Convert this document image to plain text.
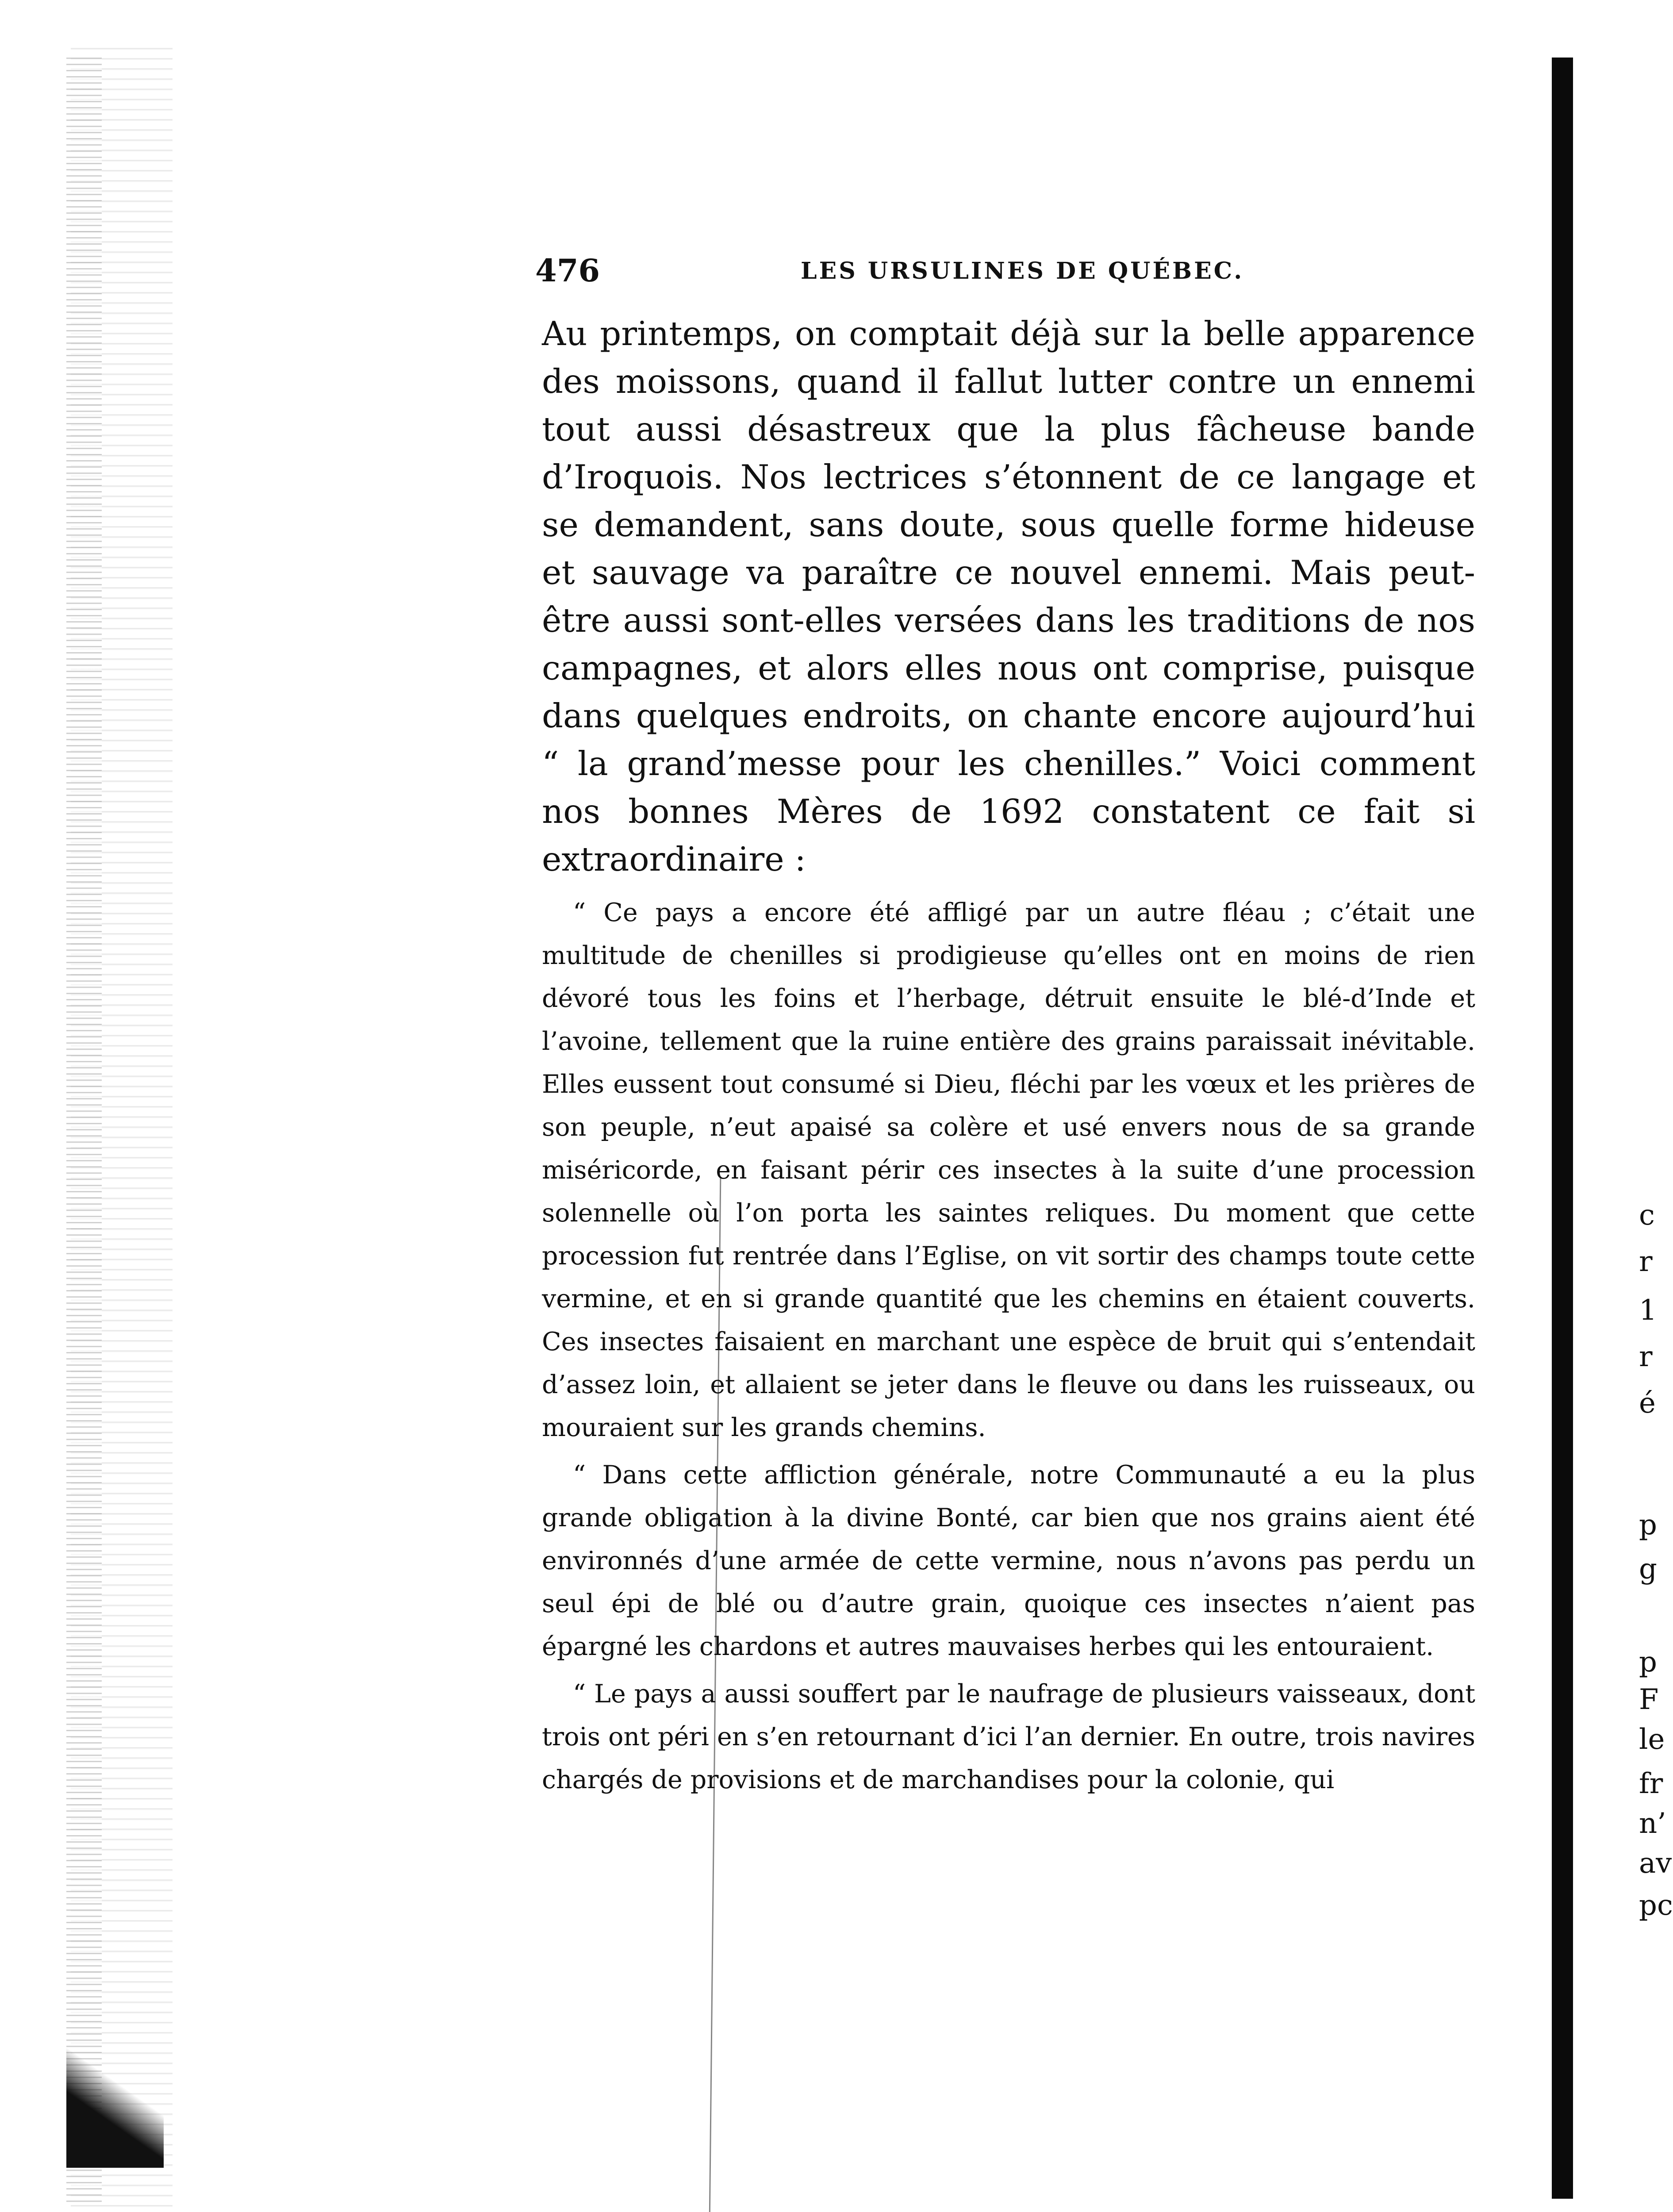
476	LES URSULINES DE QUÉBEC.

Au printemps, on comptait déjà sur la belle apparence des moissons, quand il fallut lutter contre un ennemi tout aussi désastreux que la plus fâcheuse bande d’Iroquois. Nos lectrices s’étonnent de ce langage et se demandent, sans doute, sous quelle forme hideuse et sauvage va paraître ce nouvel ennemi. Mais peut-être aussi sont-elles versées dans les traditions de nos campagnes, et alors elles nous ont comprise, puisque dans quelques endroits, on chante encore aujourd’hui “ la grand’messe pour les chenilles.” Voici comment nos bonnes Mères de 1692 constatent ce fait si extraordinaire :

“ Ce pays a encore été affligé par un autre fléau ; c’était une multitude de chenilles si prodigieuse qu’elles ont en moins de rien dévoré tous les foins et l’herbage, détruit ensuite le blé-d’Inde et l’avoine, tellement que la ruine entière des grains paraissait inévitable. Elles eussent tout consumé si Dieu, fléchi par les vœux et les prières de son peuple, n’eut apaisé sa colère et usé envers nous de sa grande miséricorde, en faisant périr ces insectes à la suite d’une procession solennelle où l’on porta les saintes reliques. Du moment que cette procession fut rentrée dans l’Eglise, on vit sortir des champs toute cette vermine, et en si grande quantité que les chemins en étaient couverts. Ces insectes faisaient en marchant une espèce de bruit qui s’entendait d’assez loin, et allaient se jeter dans le fleuve ou dans les ruisseaux, ou mouraient sur les grands chemins.

“ Dans cette affliction générale, notre Communauté a eu la plus grande obligation à la divine Bonté, car bien que nos grains aient été environnés d’une armée de cette vermine, nous n’avons pas perdu un seul épi de blé ou d’autre grain, quoique ces insectes n’aient pas épargné les chardons et autres mauvaises herbes qui les entouraient.

“ Le pays a aussi souffert par le naufrage de plusieurs vaisseaux, dont trois ont péri en s’en retournant d’ici l’an dernier. En outre, trois navires chargés de provisions et de marchandises pour la colonie, qui

c
r
1
r
é
p
g
p
F
le
fr
n’
av
pc
